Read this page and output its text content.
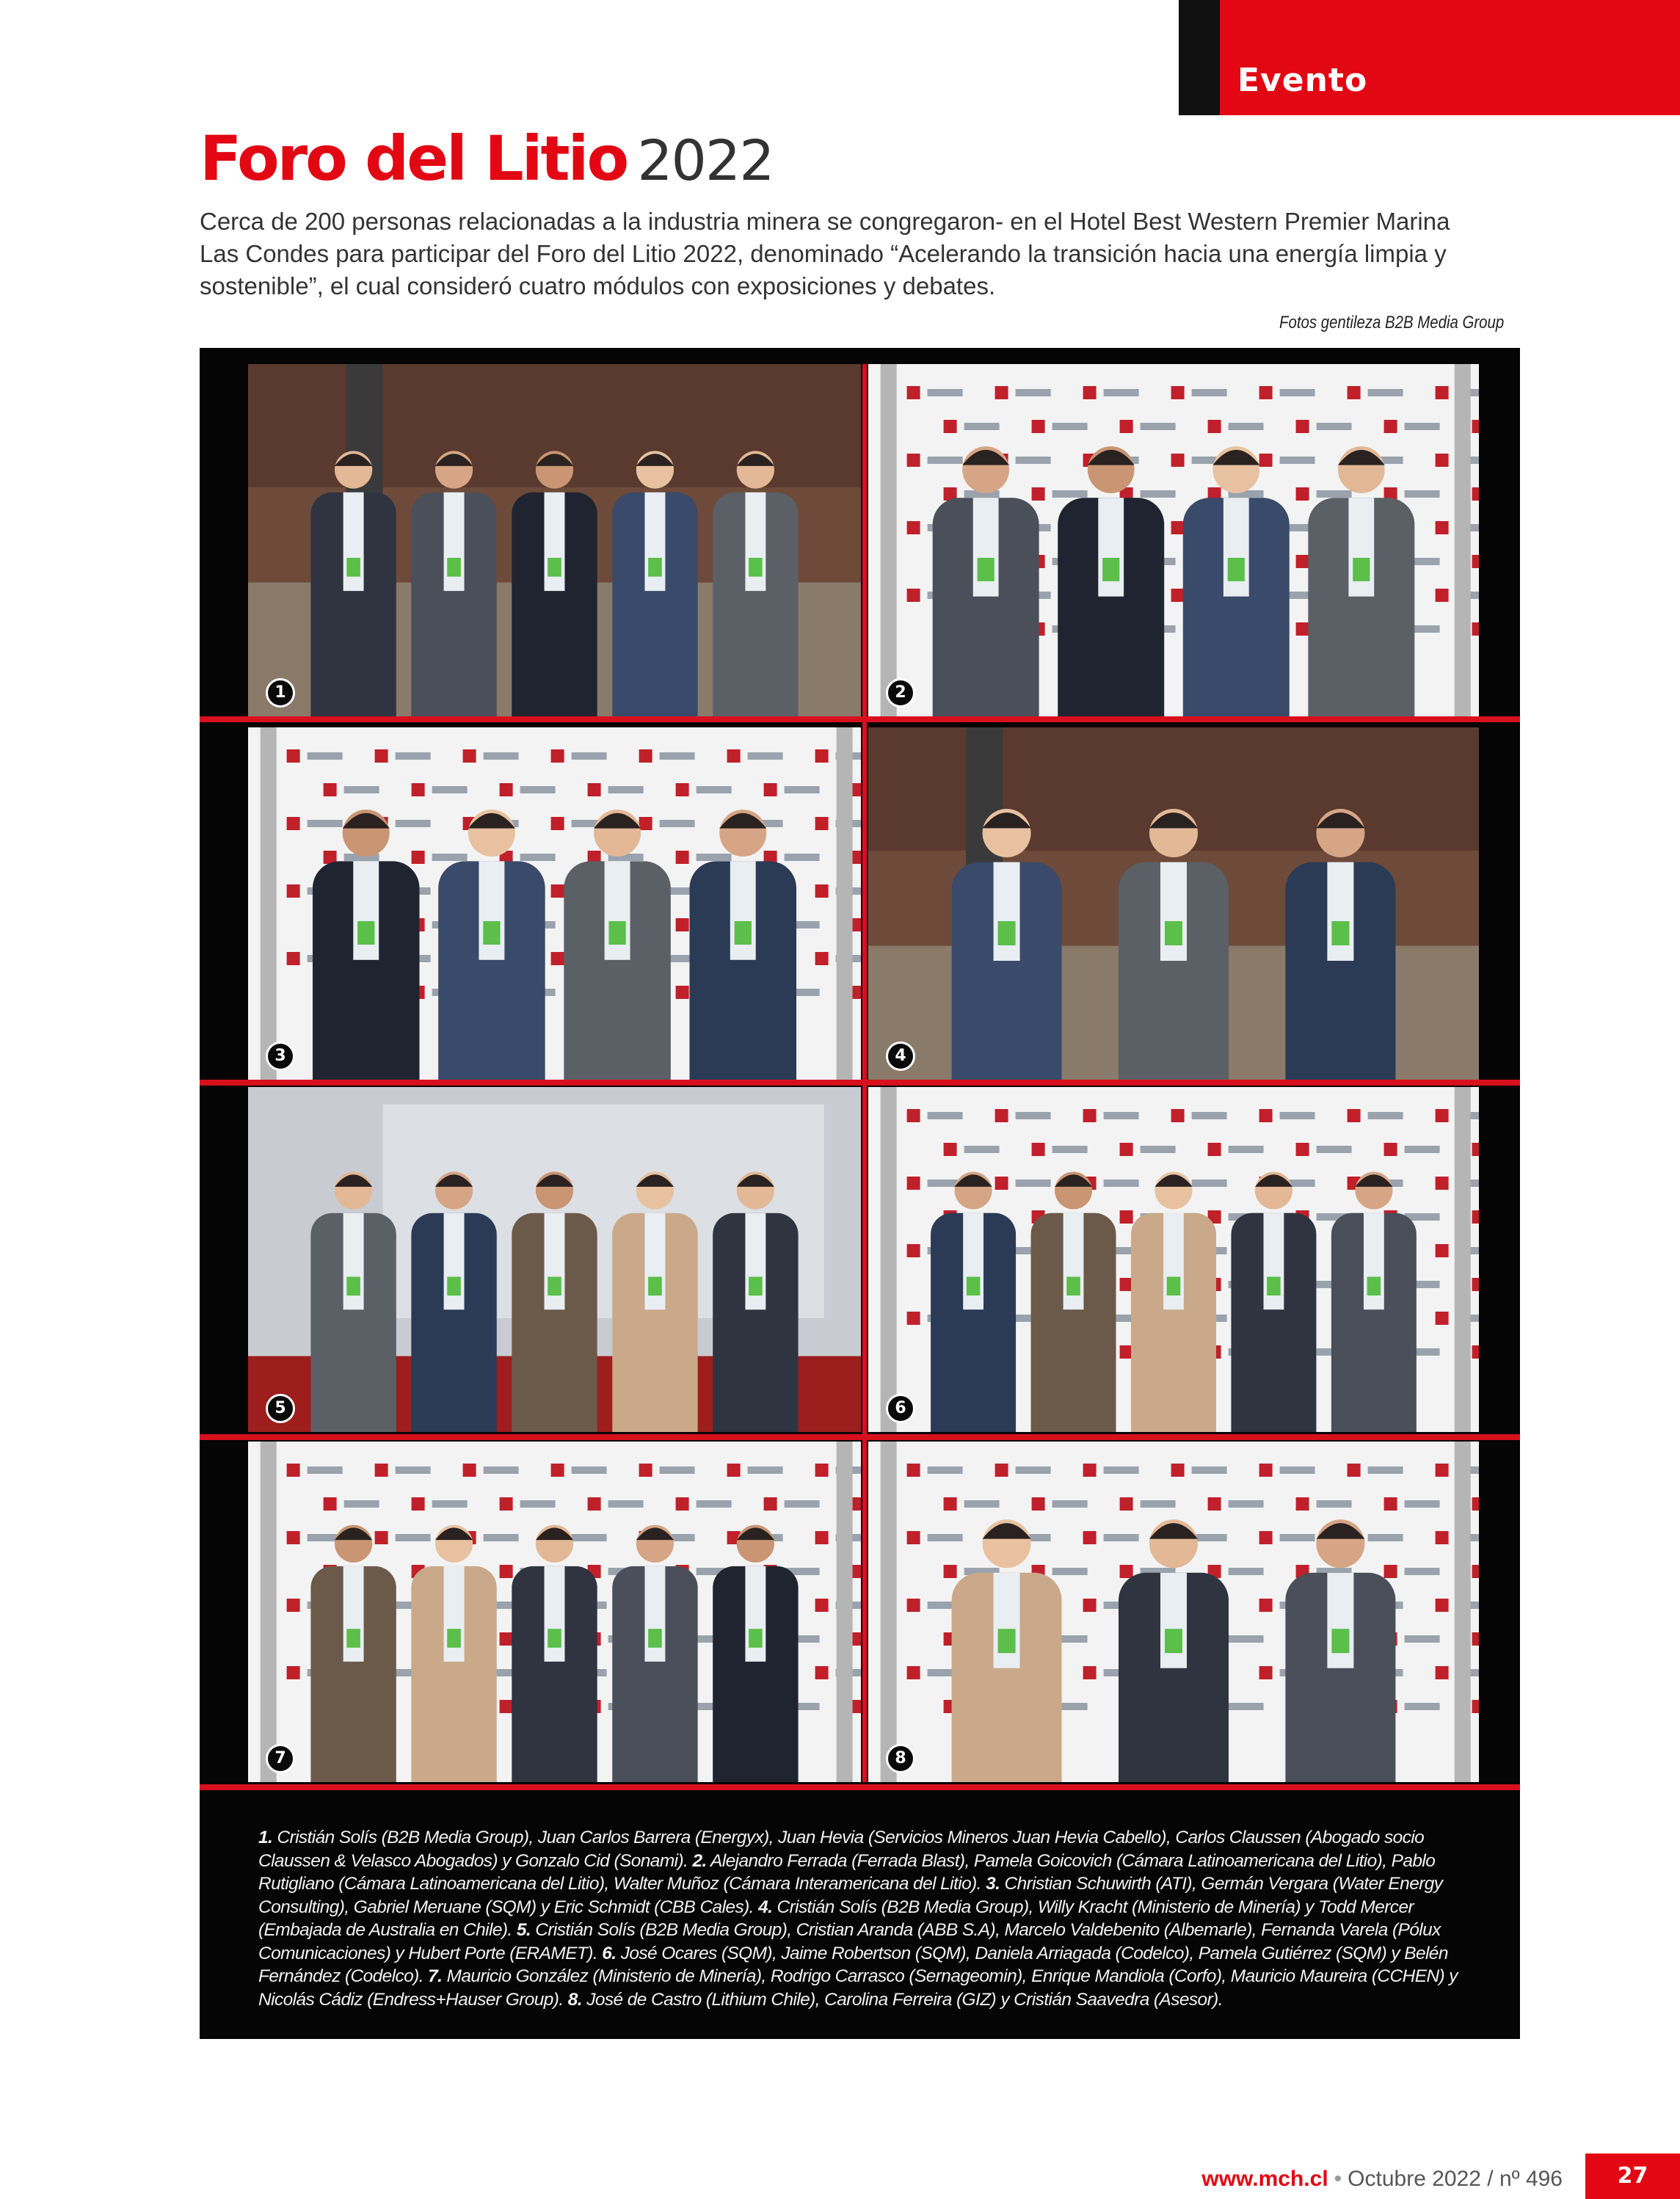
Evento
Foro del Litio 2022
Cerca de 200 personas relacionadas a la industria minera se congregaron- en el Hotel Best Western Premier Marina Las Condes para participar del Foro del Litio 2022, denominado “Acelerando la transición hacia una energía limpia y sostenible”, el cual consideró cuatro módulos con exposiciones y debates.
Fotos gentileza B2B Media Group
1	2
3	4
5	6
7	8
1. Cristián Solís (B2B Media Group), Juan Carlos Barrera (Energyx), Juan Hevia (Servicios Mineros Juan Hevia Cabello), Carlos Claussen (Abogado socio Claussen & Velasco Abogados) y Gonzalo Cid (Sonami). 2. Alejandro Ferrada (Ferrada Blast), Pamela Goicovich (Cámara Latinoamericana del Litio), Pablo Rutigliano (Cámara Latinoamericana del Litio), Walter Muñoz (Cámara Interamericana del Litio). 3. Christian Schuwirth (ATI), Germán Vergara (Water Energy Consulting), Gabriel Meruane (SQM) y Eric Schmidt (CBB Cales). 4. Cristián Solís (B2B Media Group), Willy Kracht (Ministerio de Minería) y Todd Mercer (Embajada de Australia en Chile). 5. Cristián Solís (B2B Media Group), Cristian Aranda (ABB S.A), Marcelo Valdebenito (Albemarle), Fernanda Varela (Pólux Comunicaciones) y Hubert Porte (ERAMET). 6. José Ocares (SQM), Jaime Robertson (SQM), Daniela Arriagada (Codelco), Pamela Gutiérrez (SQM) y Belén Fernández (Codelco). 7. Mauricio González (Ministerio de Minería), Rodrigo Carrasco (Sernageomin), Enrique Mandiola (Corfo), Mauricio Maureira (CCHEN) y Nicolás Cádiz (Endress+Hauser Group). 8. José de Castro (Lithium Chile), Carolina Ferreira (GIZ) y Cristián Saavedra (Asesor).
www.mch.cl • Octubre 2022 / nº 496	27
